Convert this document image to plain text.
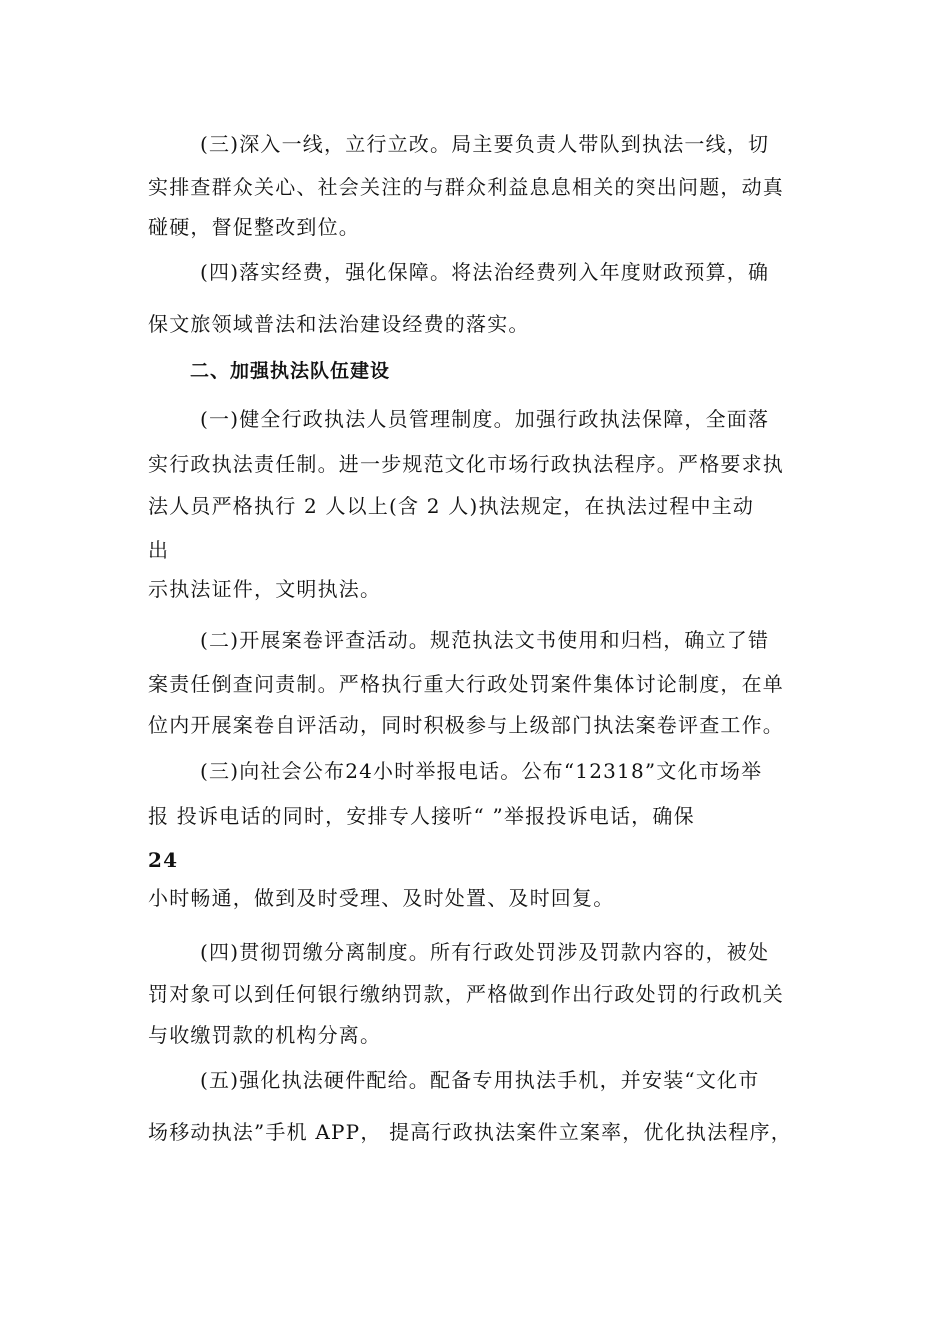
(三)深入一线，立行立改。局主要负责人带队到执法一线，切
实排查群众关心、社会关注的与群众利益息息相关的突出问题，动真
碰硬，督促整改到位。
(四)落实经费，强化保障。将法治经费列入年度财政预算，确
保文旅领域普法和法治建设经费的落实。
二、加强执法队伍建设
(一)健全行政执法人员管理制度。加强行政执法保障，全面落
实行政执法责任制。进一步规范文化市场行政执法程序。严格要求执
法人员严格执行 2 人以上(含 2 人)执法规定，在执法过程中主动
出
示执法证件，文明执法。
(二)开展案卷评查活动。规范执法文书使用和归档，确立了错
案责任倒查问责制。严格执行重大行政处罚案件集体讨论制度，在单
位内开展案卷自评活动，同时积极参与上级部门执法案卷评查工作。
(三)向社会公布24小时举报电话。公布“12318”文化市场举
报 投诉电话的同时，安排专人接听“ ”举报投诉电话，确保
24
小时畅通，做到及时受理、及时处置、及时回复。
(四)贯彻罚缴分离制度。所有行政处罚涉及罚款内容的，被处
罚对象可以到任何银行缴纳罚款，严格做到作出行政处罚的行政机关
与收缴罚款的机构分离。
(五)强化执法硬件配给。配备专用执法手机，并安装“文化市
场移动执法”手机 APP， 提高行政执法案件立案率，优化执法程序，
